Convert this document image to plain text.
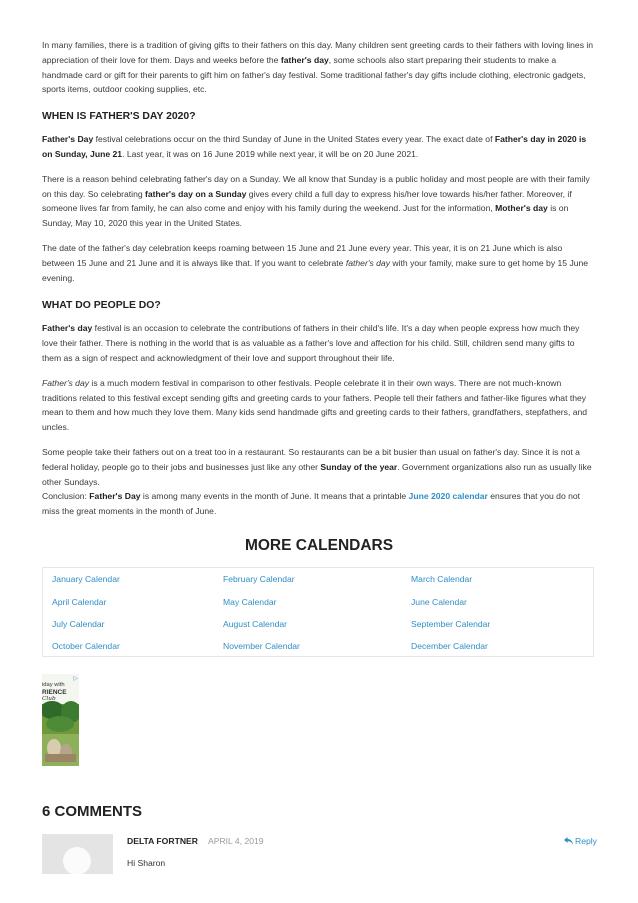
In many families, there is a tradition of giving gifts to their fathers on this day. Many children sent greeting cards to their fathers with loving lines in appreciation of their love for them. Days and weeks before the father's day, some schools also start preparing their students to make a handmade card or gift for their parents to gift him on father's day festival. Some traditional father's day gifts include clothing, electronic gadgets, sports items, outdoor cooking supplies, etc.

WHEN IS FATHER'S DAY 2020?

Father's Day festival celebrations occur on the third Sunday of June in the United States every year. The exact date of Father's day in 2020 is on Sunday, June 21. Last year, it was on 16 June 2019 while next year, it will be on 20 June 2021.

There is a reason behind celebrating father's day on a Sunday. We all know that Sunday is a public holiday and most people are with their family on this day. So celebrating father's day on a Sunday gives every child a full day to express his/her love towards his/her father. Moreover, if someone lives far from family, he can also come and enjoy with his family during the weekend. Just for the information, Mother's day is on Sunday, May 10, 2020 this year in the United States.

The date of the father's day celebration keeps roaming between 15 June and 21 June every year. This year, it is on 21 June which is also between 15 June and 21 June and it is always like that. If you want to celebrate father's day with your family, make sure to get home by 15 June evening.

WHAT DO PEOPLE DO?

Father's day festival is an occasion to celebrate the contributions of fathers in their child's life. It's a day when people express how much they love their father. There is nothing in the world that is as valuable as a father's love and affection for his child. Still, children send many gifts to them as a sign of respect and acknowledgment of their love and support throughout their life.

Father's day is a much modern festival in comparison to other festivals. People celebrate it in their own ways. There are not much-known traditions related to this festival except sending gifts and greeting cards to your fathers. People tell their fathers and father-like figures what they mean to them and how much they love them. Many kids send handmade gifts and greeting cards to their fathers, grandfathers, stepfathers, and uncles.

Some people take their fathers out on a treat too in a restaurant. So restaurants can be a bit busier than usual on father's day. Since it is not a federal holiday, people go to their jobs and businesses just like any other Sunday of the year. Government organizations also run as usually like other Sundays.

Conclusion: Father's Day is among many events in the month of June. It means that a printable June 2020 calendar ensures that you do not miss the great moments in the month of June.

MORE CALENDARS
January Calendar	February Calendar	March Calendar
April Calendar	May Calendar	June Calendar
July Calendar	August Calendar	September Calendar
October Calendar	November Calendar	December Calendar
▷
iday with
RIENCE
Club
6 COMMENTS
DELTA FORTNER APRIL 4, 2019	Reply
Hi Sharon
